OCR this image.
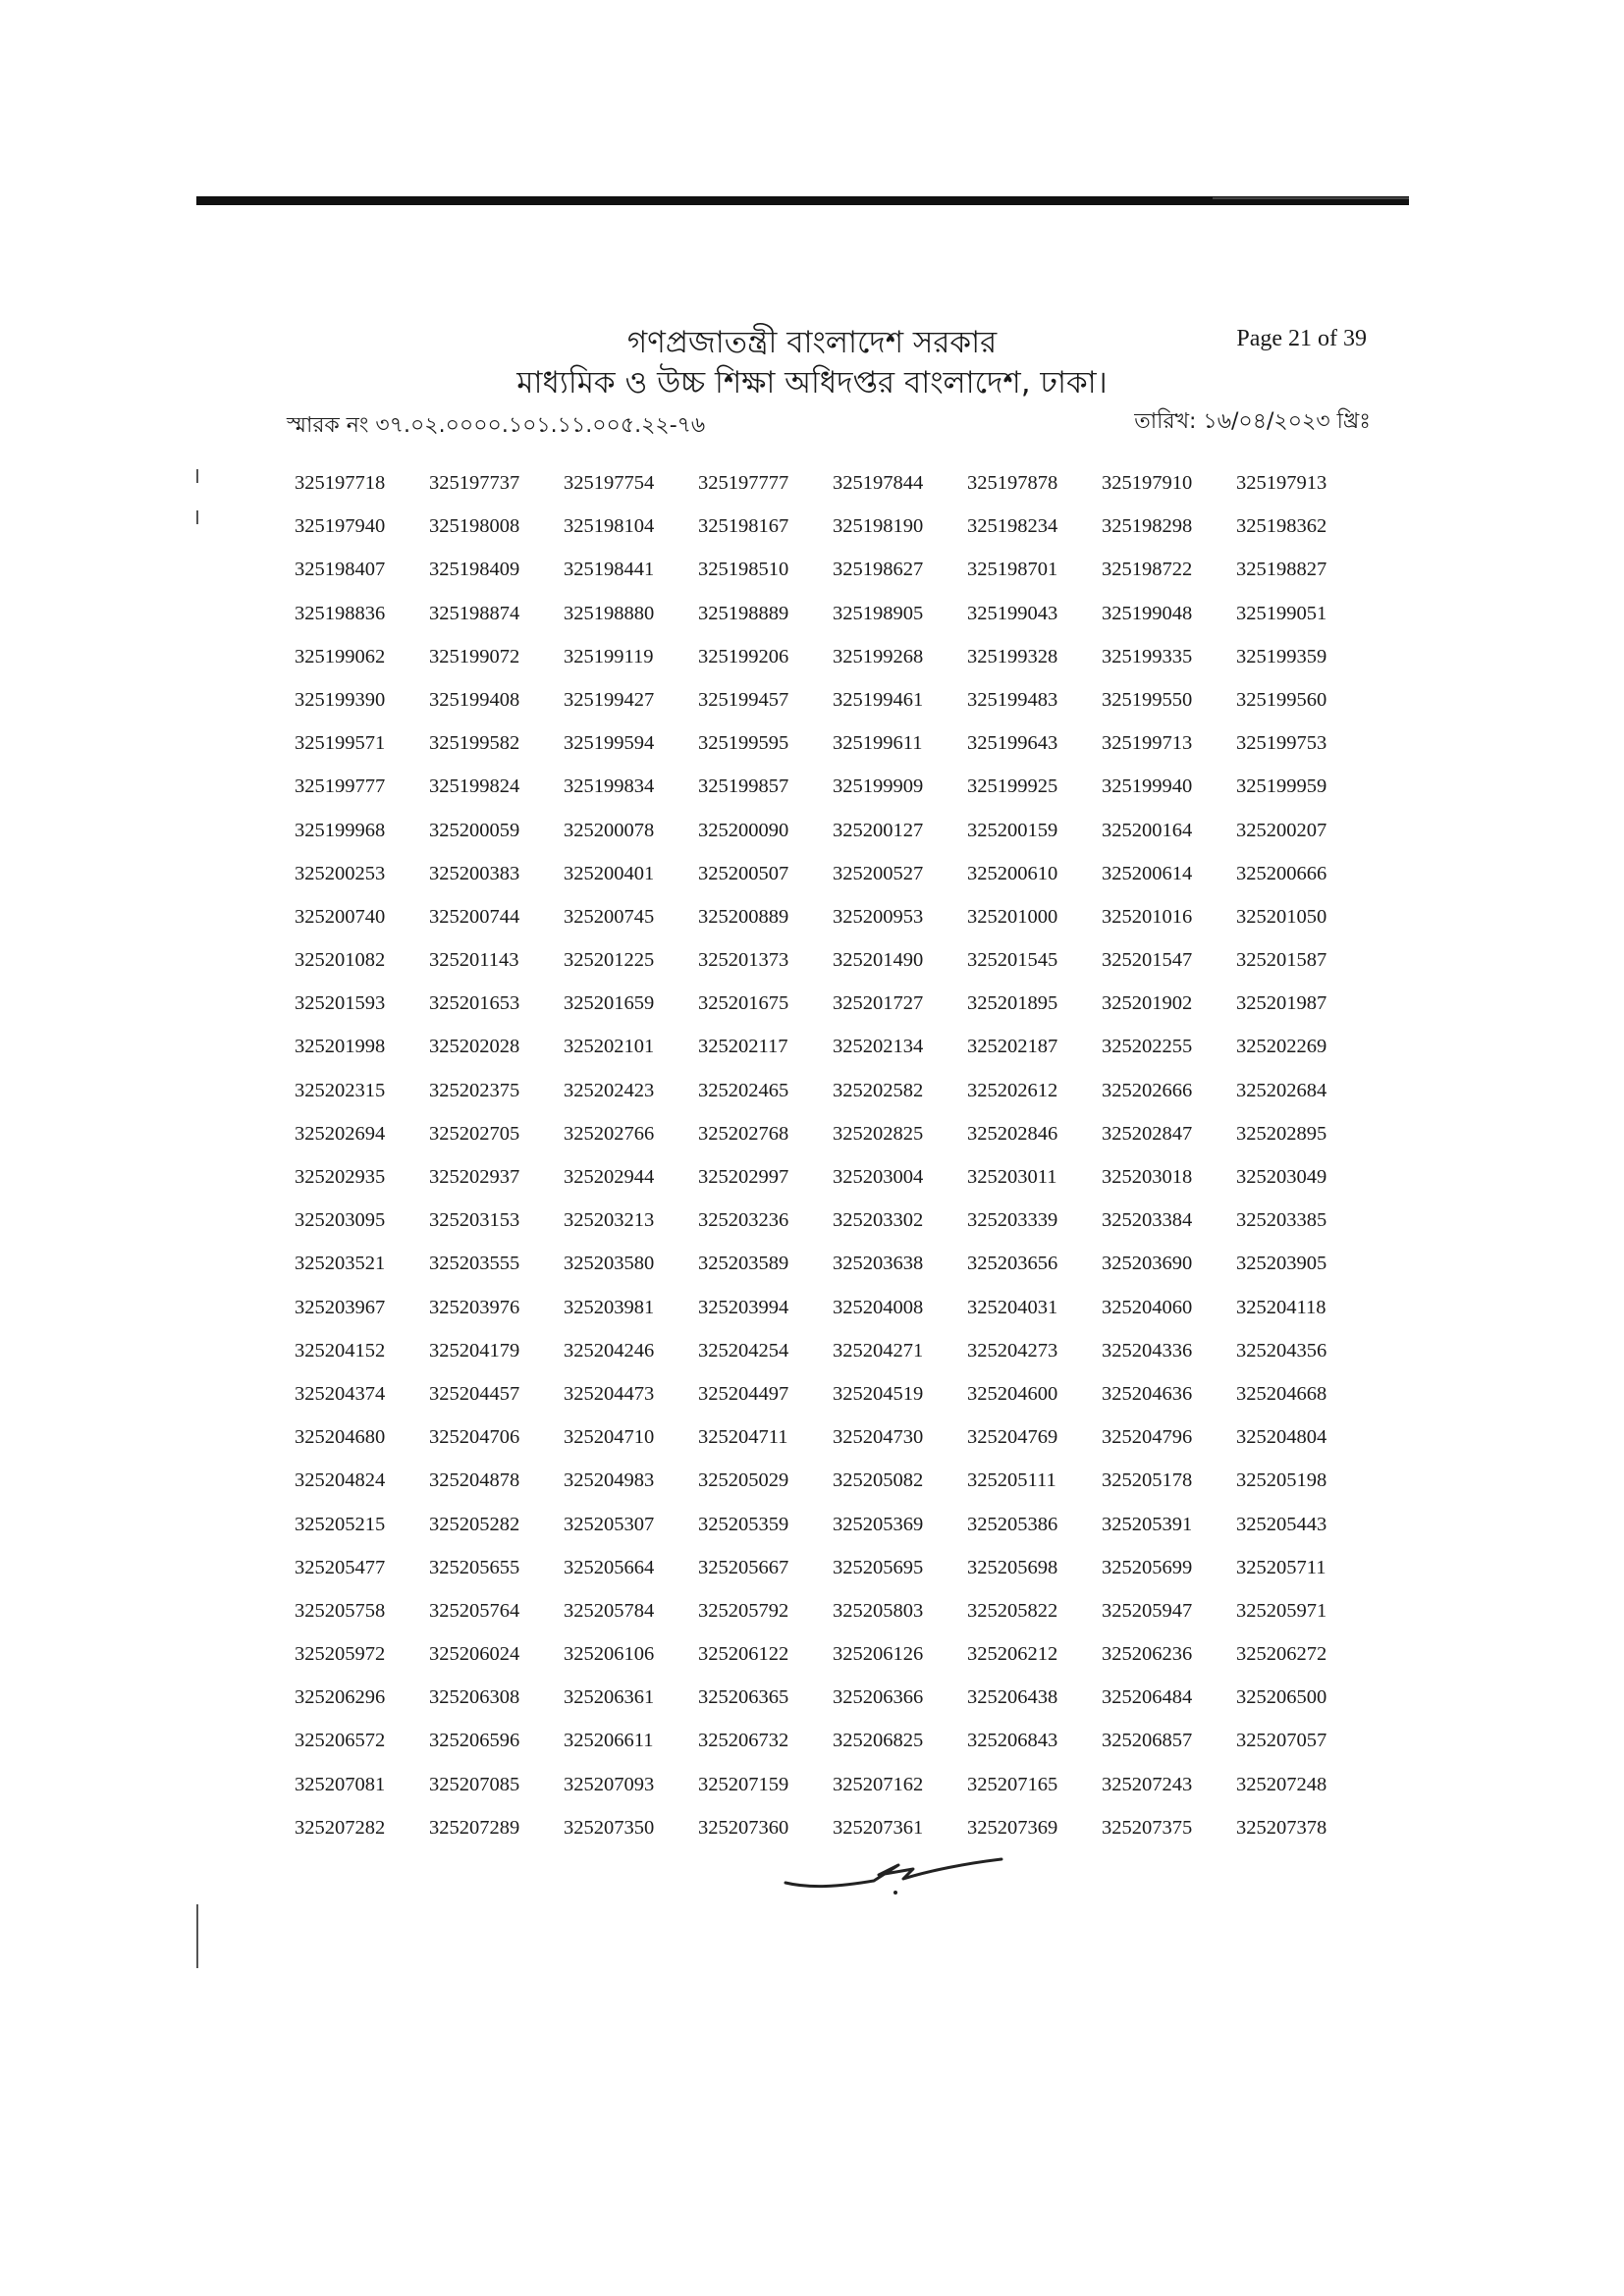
গণপ্রজাতন্ত্রী বাংলাদেশ সরকার
মাধ্যমিক ও উচ্চ শিক্ষা অধিদপ্তর বাংলাদেশ, ঢাকা।
Page 21 of 39
স্মারক নং ৩৭.০২.০০০০.১০১.১১.০০৫.২২-৭৬	তারিখ: ১৬/০৪/২০২৩ খ্রিঃ
325197718	325197737	325197754	325197777	325197844	325197878	325197910	325197913
325197940	325198008	325198104	325198167	325198190	325198234	325198298	325198362
325198407	325198409	325198441	325198510	325198627	325198701	325198722	325198827
325198836	325198874	325198880	325198889	325198905	325199043	325199048	325199051
325199062	325199072	325199119	325199206	325199268	325199328	325199335	325199359
325199390	325199408	325199427	325199457	325199461	325199483	325199550	325199560
325199571	325199582	325199594	325199595	325199611	325199643	325199713	325199753
325199777	325199824	325199834	325199857	325199909	325199925	325199940	325199959
325199968	325200059	325200078	325200090	325200127	325200159	325200164	325200207
325200253	325200383	325200401	325200507	325200527	325200610	325200614	325200666
325200740	325200744	325200745	325200889	325200953	325201000	325201016	325201050
325201082	325201143	325201225	325201373	325201490	325201545	325201547	325201587
325201593	325201653	325201659	325201675	325201727	325201895	325201902	325201987
325201998	325202028	325202101	325202117	325202134	325202187	325202255	325202269
325202315	325202375	325202423	325202465	325202582	325202612	325202666	325202684
325202694	325202705	325202766	325202768	325202825	325202846	325202847	325202895
325202935	325202937	325202944	325202997	325203004	325203011	325203018	325203049
325203095	325203153	325203213	325203236	325203302	325203339	325203384	325203385
325203521	325203555	325203580	325203589	325203638	325203656	325203690	325203905
325203967	325203976	325203981	325203994	325204008	325204031	325204060	325204118
325204152	325204179	325204246	325204254	325204271	325204273	325204336	325204356
325204374	325204457	325204473	325204497	325204519	325204600	325204636	325204668
325204680	325204706	325204710	325204711	325204730	325204769	325204796	325204804
325204824	325204878	325204983	325205029	325205082	325205111	325205178	325205198
325205215	325205282	325205307	325205359	325205369	325205386	325205391	325205443
325205477	325205655	325205664	325205667	325205695	325205698	325205699	325205711
325205758	325205764	325205784	325205792	325205803	325205822	325205947	325205971
325205972	325206024	325206106	325206122	325206126	325206212	325206236	325206272
325206296	325206308	325206361	325206365	325206366	325206438	325206484	325206500
325206572	325206596	325206611	325206732	325206825	325206843	325206857	325207057
325207081	325207085	325207093	325207159	325207162	325207165	325207243	325207248
325207282	325207289	325207350	325207360	325207361	325207369	325207375	325207378
